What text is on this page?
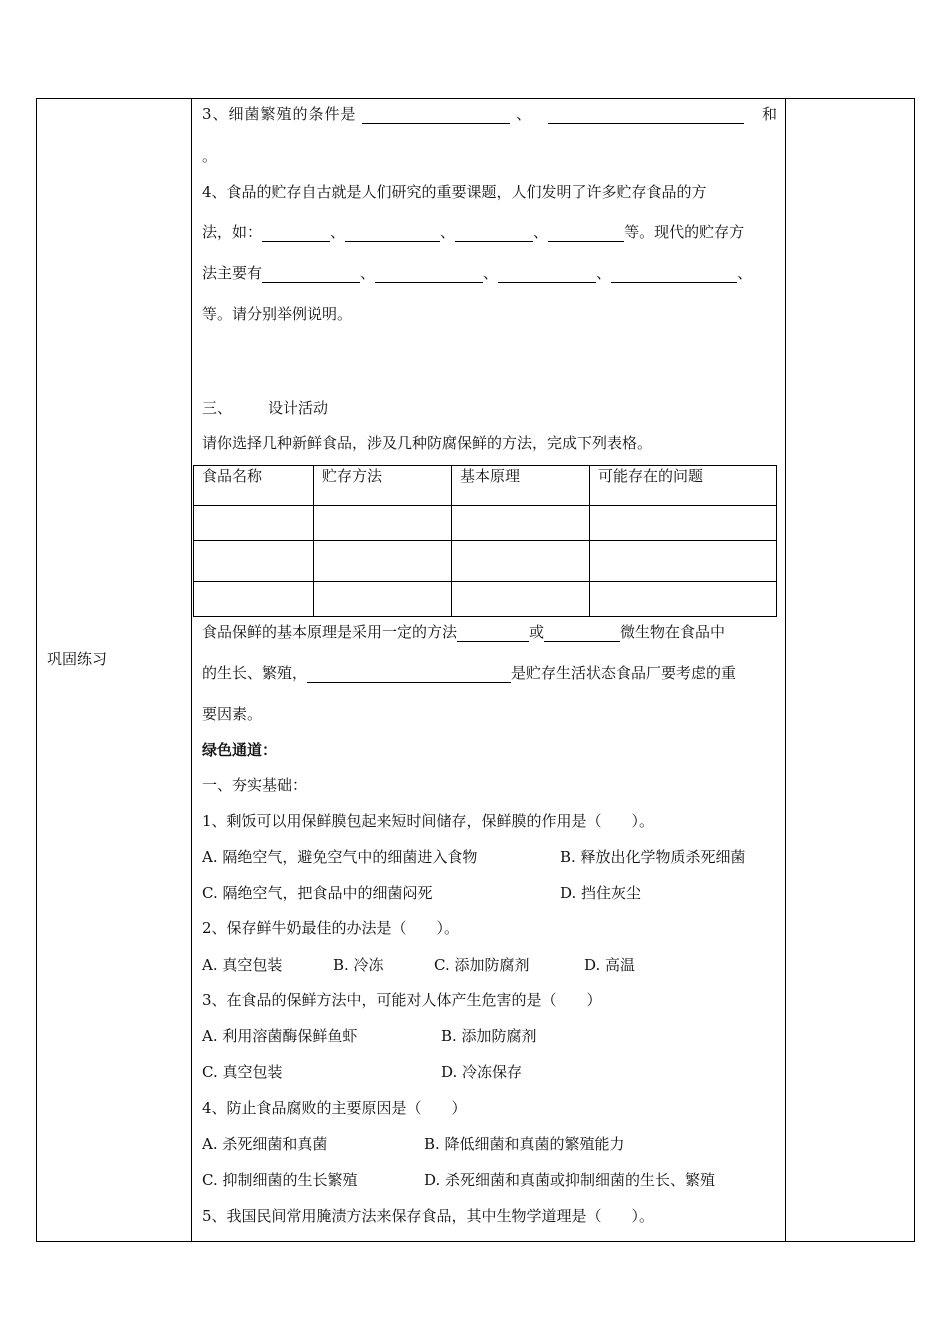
巩固练习
3、细菌繁殖的条件是	、	和
。
4、食品的贮存自古就是人们研究的重要课题，人们发明了许多贮存食品的方
法，如：	、	、	、	等。现代的贮存方
法主要有	、	、	、	、
等。请分别举例说明。
三、 设计活动
请你选择几种新鲜食品，涉及几种防腐保鲜的方法，完成下列表格。
食品名称	贮存方法	基本原理	可能存在的问题

食品保鲜的基本原理是采用一定的方法	或	微生物在食品中
的生长、繁殖，	是贮存生活状态食品厂要考虑的重
要因素。
绿色通道：
一、夯实基础：
1、剩饭可以用保鲜膜包起来短时间储存，保鲜膜的作用是（　　）。
A. 隔绝空气，避免空气中的细菌进入食物	B. 释放出化学物质杀死细菌
C. 隔绝空气，把食品中的细菌闷死	D. 挡住灰尘
2、保存鲜牛奶最佳的办法是（　　）。
A. 真空包装	B. 冷冻	C. 添加防腐剂	D. 高温
3、在食品的保鲜方法中，可能对人体产生危害的是（　　）
A. 利用溶菌酶保鲜鱼虾	B. 添加防腐剂
C. 真空包装	D. 冷冻保存
4、防止食品腐败的主要原因是（　　）
A. 杀死细菌和真菌	B. 降低细菌和真菌的繁殖能力
C. 抑制细菌的生长繁殖	D. 杀死细菌和真菌或抑制细菌的生长、繁殖
5、我国民间常用腌渍方法来保存食品，其中生物学道理是（　　）。
